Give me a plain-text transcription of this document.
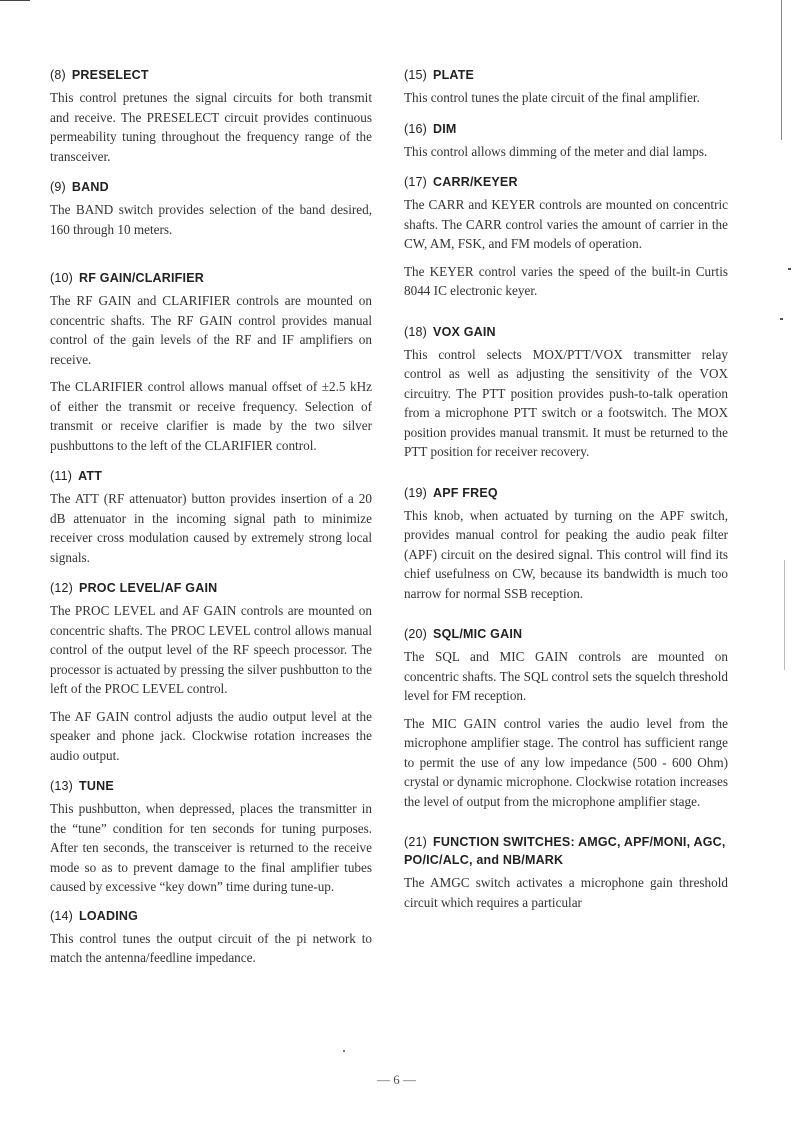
(8) PRESELECT

This control pretunes the signal circuits for both transmit and receive. The PRESELECT circuit provides continuous permeability tuning throughout the frequency range of the transceiver.

(9) BAND

The BAND switch provides selection of the band desired, 160 through 10 meters.

(10) RF GAIN/CLARIFIER

The RF GAIN and CLARIFIER controls are mounted on concentric shafts. The RF GAIN control provides manual control of the gain levels of the RF and IF amplifiers on receive.

The CLARIFIER control allows manual offset of ±2.5 kHz of either the transmit or receive frequency. Selection of transmit or receive clarifier is made by the two silver pushbuttons to the left of the CLARIFIER control.

(11) ATT

The ATT (RF attenuator) button provides insertion of a 20 dB attenuator in the incoming signal path to minimize receiver cross modulation caused by extremely strong local signals.

(12) PROC LEVEL/AF GAIN

The PROC LEVEL and AF GAIN controls are mounted on concentric shafts. The PROC LEVEL control allows manual control of the output level of the RF speech processor. The processor is actuated by pressing the silver pushbutton to the left of the PROC LEVEL control.

The AF GAIN control adjusts the audio output level at the speaker and phone jack. Clockwise rotation increases the audio output.

(13) TUNE

This pushbutton, when depressed, places the transmitter in the “tune” condition for ten seconds for tuning purposes. After ten seconds, the transceiver is returned to the receive mode so as to prevent damage to the final amplifier tubes caused by excessive “key down” time during tune-up.

(14) LOADING

This control tunes the output circuit of the pi network to match the antenna/feedline impedance.

(15) PLATE

This control tunes the plate circuit of the final amplifier.

(16) DIM

This control allows dimming of the meter and dial lamps.

(17) CARR/KEYER

The CARR and KEYER controls are mounted on concentric shafts. The CARR control varies the amount of carrier in the CW, AM, FSK, and FM models of operation.

The KEYER control varies the speed of the built-in Curtis 8044 IC electronic keyer.

(18) VOX GAIN

This control selects MOX/PTT/VOX transmitter relay control as well as adjusting the sensitivity of the VOX circuitry. The PTT position provides push-to-talk operation from a microphone PTT switch or a footswitch. The MOX position provides manual transmit. It must be returned to the PTT position for receiver recovery.

(19) APF FREQ

This knob, when actuated by turning on the APF switch, provides manual control for peaking the audio peak filter (APF) circuit on the desired signal. This control will find its chief usefulness on CW, because its bandwidth is much too narrow for normal SSB reception.

(20) SQL/MIC GAIN

The SQL and MIC GAIN controls are mounted on concentric shafts. The SQL control sets the squelch threshold level for FM reception.

The MIC GAIN control varies the audio level from the microphone amplifier stage. The control has sufficient range to permit the use of any low impedance (500 - 600 Ohm) crystal or dynamic microphone. Clockwise rotation increases the level of output from the microphone amplifier stage.

(21) FUNCTION SWITCHES: AMGC, APF/MONI, AGC, PO/IC/ALC, and NB/MARK

The AMGC switch activates a microphone gain threshold circuit which requires a particular

— 6 —
